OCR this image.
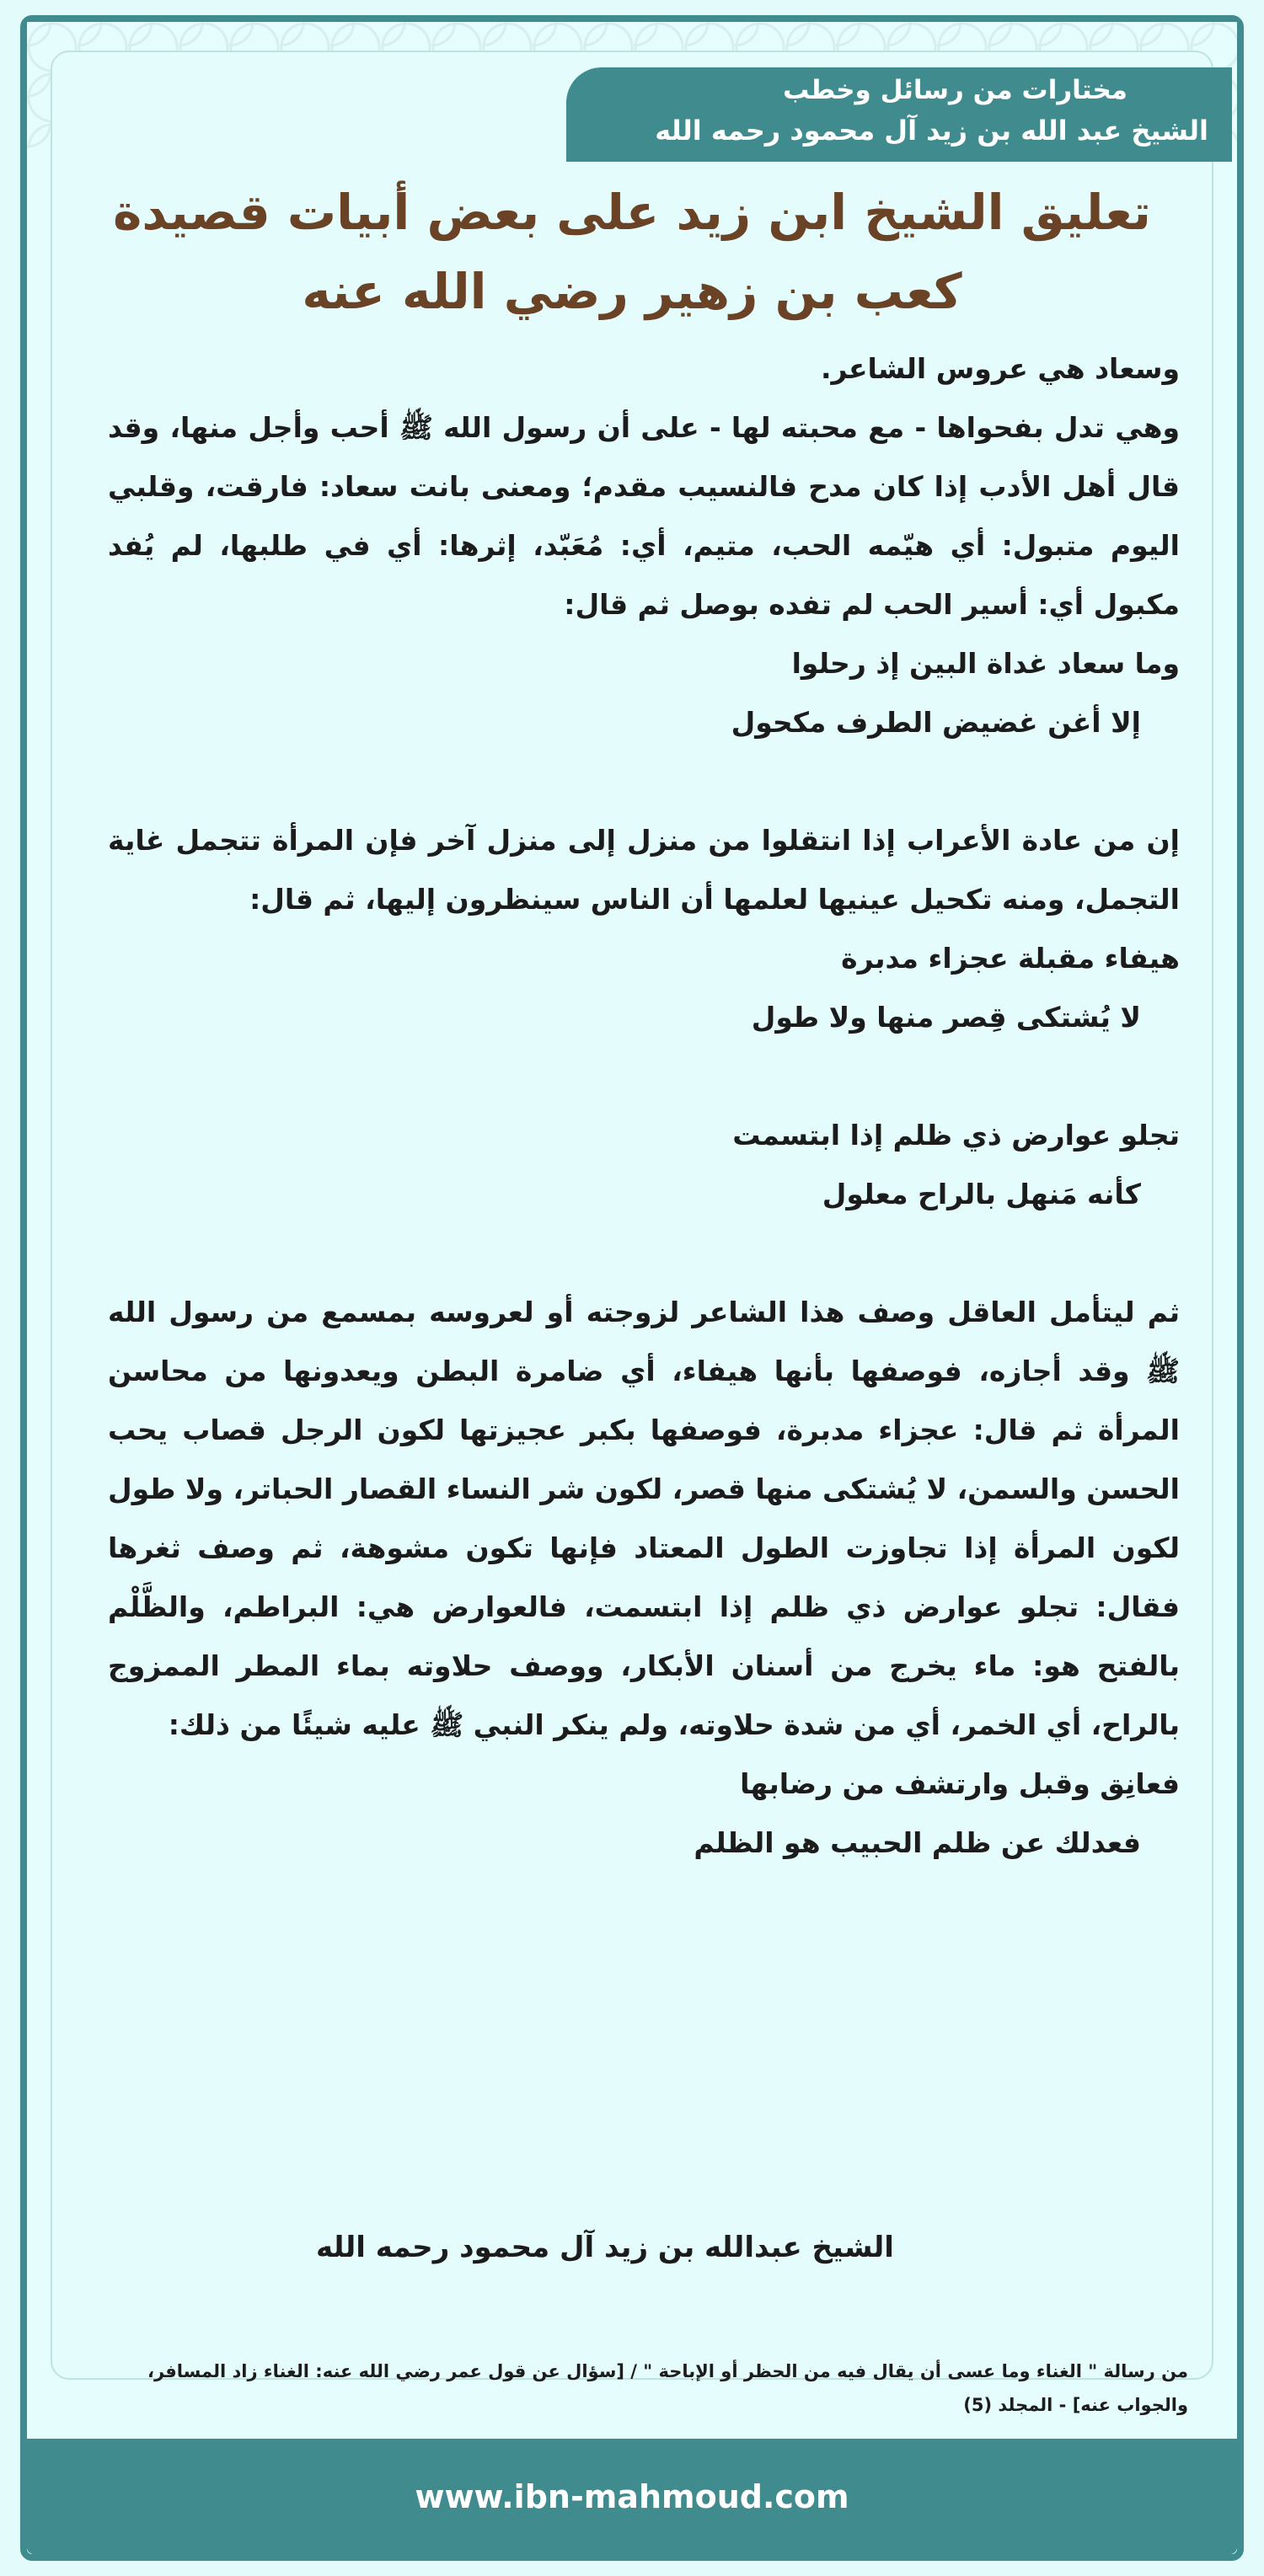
مختارات من رسائل وخطب
الشيخ عبد الله بن زيد آل محمود رحمه الله
تعليق الشيخ ابن زيد على بعض أبيات قصيدة
كعب بن زهير رضي الله عنه

وسعاد هي عروس الشاعر.

وهي تدل بفحواها - مع محبته لها - على أن رسول الله ﷺ أحب وأجل منها، وقد قال أهل الأدب إذا كان مدح فالنسيب مقدم؛ ومعنى بانت سعاد: فارقت، وقلبي اليوم متبول: أي هيّمه الحب، متيم، أي: مُعَبّد، إثرها: أي في طلبها، لم يُفد مكبول أي: أسير الحب لم تفده بوصل ثم قال:

وما سعاد غداة البين إذ رحلوا

إلا أغن غضيض الطرف مكحول

إن من عادة الأعراب إذا انتقلوا من منزل إلى منزل آخر فإن المرأة تتجمل غاية التجمل، ومنه تكحيل عينيها لعلمها أن الناس سينظرون إليها، ثم قال:

هيفاء مقبلة عجزاء مدبرة

لا يُشتكى قِصر منها ولا طول

تجلو عوارض ذي ظلم إذا ابتسمت

كأنه مَنهل بالراح معلول

ثم ليتأمل العاقل وصف هذا الشاعر لزوجته أو لعروسه بمسمع من رسول الله ﷺ وقد أجازه، فوصفها بأنها هيفاء، أي ضامرة البطن ويعدونها من محاسن المرأة ثم قال: عجزاء مدبرة، فوصفها بكبر عجيزتها لكون الرجل قصاب يحب الحسن والسمن، لا يُشتكى منها قصر، لكون شر النساء القصار الحباتر، ولا طول لكون المرأة إذا تجاوزت الطول المعتاد فإنها تكون مشوهة، ثم وصف ثغرها فقال: تجلو عوارض ذي ظلم إذا ابتسمت، فالعوارض هي: البراطم، والظَّلْم بالفتح هو: ماء يخرج من أسنان الأبكار، ووصف حلاوته بماء المطر الممزوج بالراح، أي الخمر، أي من شدة حلاوته، ولم ينكر النبي ﷺ عليه شيئًا من ذلك:

فعانِق وقبل وارتشف من رضابها

فعدلك عن ظلم الحبيب هو الظلم

الشيخ عبدالله بن زيد آل محمود رحمه الله
من رسالة " الغناء وما عسى أن يقال فيه من الحظر أو الإباحة " / [سؤال عن قول عمر رضي الله عنه: الغناء زاد المسافر، والجواب عنه] - المجلد (5)
www.ibn-mahmoud.com
